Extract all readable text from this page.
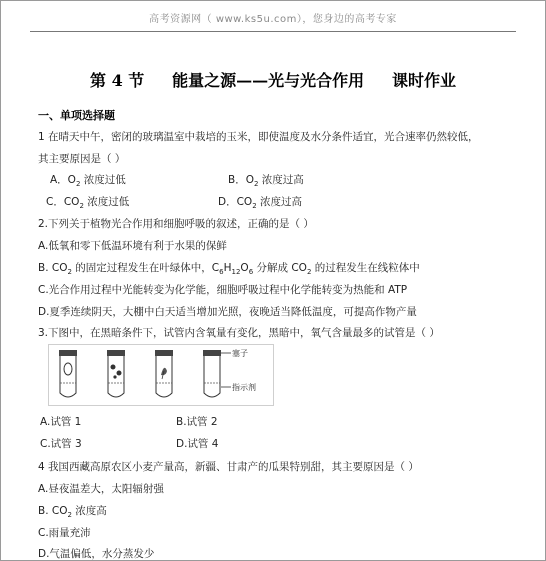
高考资源网（ www.ks5u.com），您身边的高考专家
第 4 节     能量之源——光与光合作用     课时作业
一、单项选择题
1 在晴天中午，密闭的玻璃温室中栽培的玉米，即使温度及水分条件适宜，光合速率仍然较低，
其主要原因是（ ）
A．$O_2$ 浓度过低	B．$O_2$ 浓度过高
C．$CO_2$ 浓度过低	D．$CO_2$ 浓度过高
2.下列关于植物光合作用和细胞呼吸的叙述，正确的是（ ）
A.低氧和零下低温环境有利于水果的保鲜
B. $CO_2$ 的固定过程发生在叶绿体中，$C_6H_{12}O_6$ 分解成 $CO_2$ 的过程发生在线粒体中
C.光合作用过程中光能转变为化学能，细胞呼吸过程中化学能转变为热能和 ATP
D.夏季连续阴天，大棚中白天适当增加光照，夜晚适当降低温度，可提高作物产量
3.下图中，在黑暗条件下，试管内含氧量有变化，黑暗中，氧气含量最多的试管是（ ）
塞子
指示剂
A.试管 1	B.试管 2
C.试管 3	D.试管 4
4 我国西藏高原农区小麦产量高，新疆、甘肃产的瓜果特别甜，其主要原因是（ ）
A.昼夜温差大，太阳辐射强
B. $CO_2$ 浓度高
C.雨量充沛
D.气温偏低，水分蒸发少
